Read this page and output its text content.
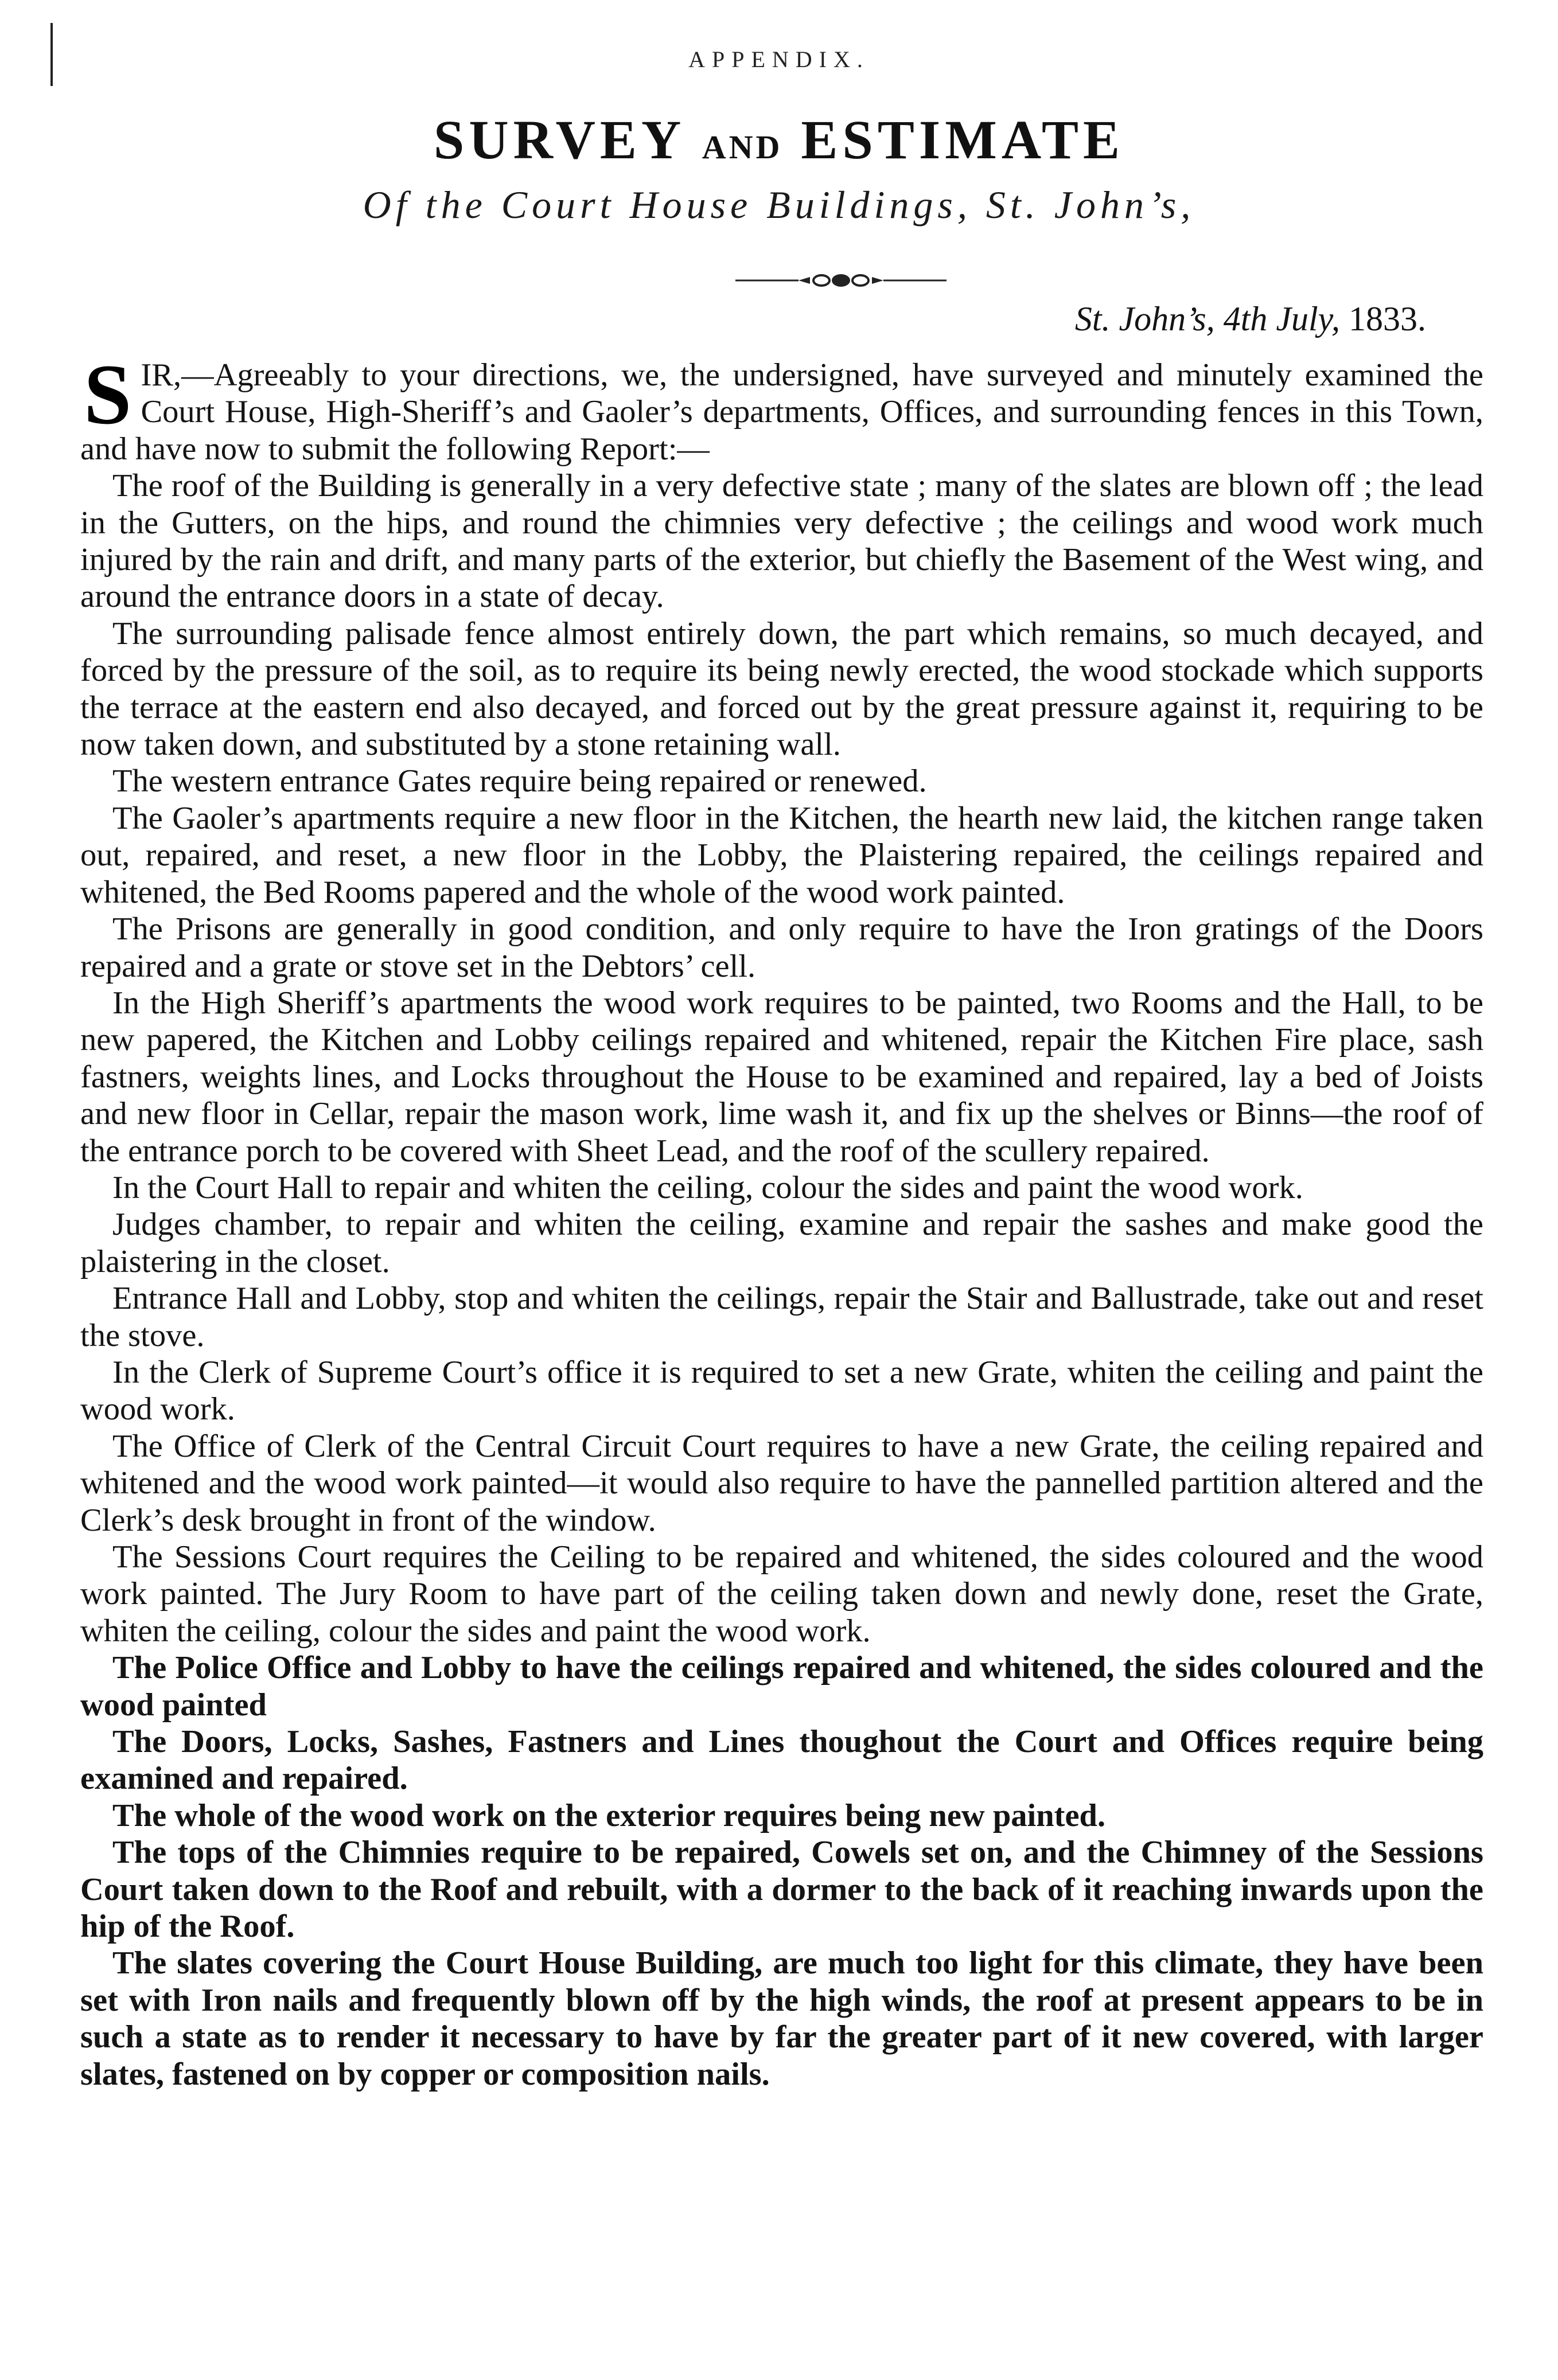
APPENDIX.
SURVEY AND ESTIMATE
Of the Court House Buildings, St. John’s,
St. John’s, 4th July, 1833.

SIR,—Agreeably to your directions, we, the undersigned, have surveyed and minutely examined the Court House, High-Sheriff’s and Gaoler’s departments, Offices, and surrounding fences in this Town, and have now to submit the following Report:—

The roof of the Building is generally in a very defective state ; many of the slates are blown off ; the lead in the Gutters, on the hips, and round the chimnies very defective ; the ceilings and wood work much injured by the rain and drift, and many parts of the exterior, but chiefly the Basement of the West wing, and around the entrance doors in a state of decay.

The surrounding palisade fence almost entirely down, the part which remains, so much decayed, and forced by the pressure of the soil, as to require its being newly erected, the wood stockade which supports the terrace at the eastern end also decayed, and forced out by the great pressure against it, requiring to be now taken down, and substituted by a stone retaining wall.

The western entrance Gates require being repaired or renewed.

The Gaoler’s apartments require a new floor in the Kitchen, the hearth new laid, the kitchen range taken out, repaired, and reset, a new floor in the Lobby, the Plaistering repaired, the ceilings repaired and whitened, the Bed Rooms papered and the whole of the wood work painted.

The Prisons are generally in good condition, and only require to have the Iron gratings of the Doors repaired and a grate or stove set in the Debtors’ cell.

In the High Sheriff’s apartments the wood work requires to be painted, two Rooms and the Hall, to be new papered, the Kitchen and Lobby ceilings repaired and whitened, repair the Kitchen Fire place, sash fastners, weights lines, and Locks throughout the House to be examined and repaired, lay a bed of Joists and new floor in Cellar, repair the mason work, lime wash it, and fix up the shelves or Binns—the roof of the entrance porch to be covered with Sheet Lead, and the roof of the scullery repaired.

In the Court Hall to repair and whiten the ceiling, colour the sides and paint the wood work.

Judges chamber, to repair and whiten the ceiling, examine and repair the sashes and make good the plaistering in the closet.

Entrance Hall and Lobby, stop and whiten the ceilings, repair the Stair and Ballustrade, take out and reset the stove.

In the Clerk of Supreme Court’s office it is required to set a new Grate, whiten the ceiling and paint the wood work.

The Office of Clerk of the Central Circuit Court requires to have a new Grate, the ceiling repaired and whitened and the wood work painted—it would also require to have the pannelled partition altered and the Clerk’s desk brought in front of the window.

The Sessions Court requires the Ceiling to be repaired and whitened, the sides coloured and the wood work painted. The Jury Room to have part of the ceiling taken down and newly done, reset the Grate, whiten the ceiling, colour the sides and paint the wood work.

The Police Office and Lobby to have the ceilings repaired and whitened, the sides coloured and the wood painted

The Doors, Locks, Sashes, Fastners and Lines thoughout the Court and Offices require being examined and repaired.

The whole of the wood work on the exterior requires being new painted.

The tops of the Chimnies require to be repaired, Cowels set on, and the Chimney of the Sessions Court taken down to the Roof and rebuilt, with a dormer to the back of it reaching inwards upon the hip of the Roof.

The slates covering the Court House Building, are much too light for this climate, they have been set with Iron nails and frequently blown off by the high winds, the roof at present appears to be in such a state as to render it necessary to have by far the greater part of it new covered, with larger slates, fastened on by copper or composition nails.
